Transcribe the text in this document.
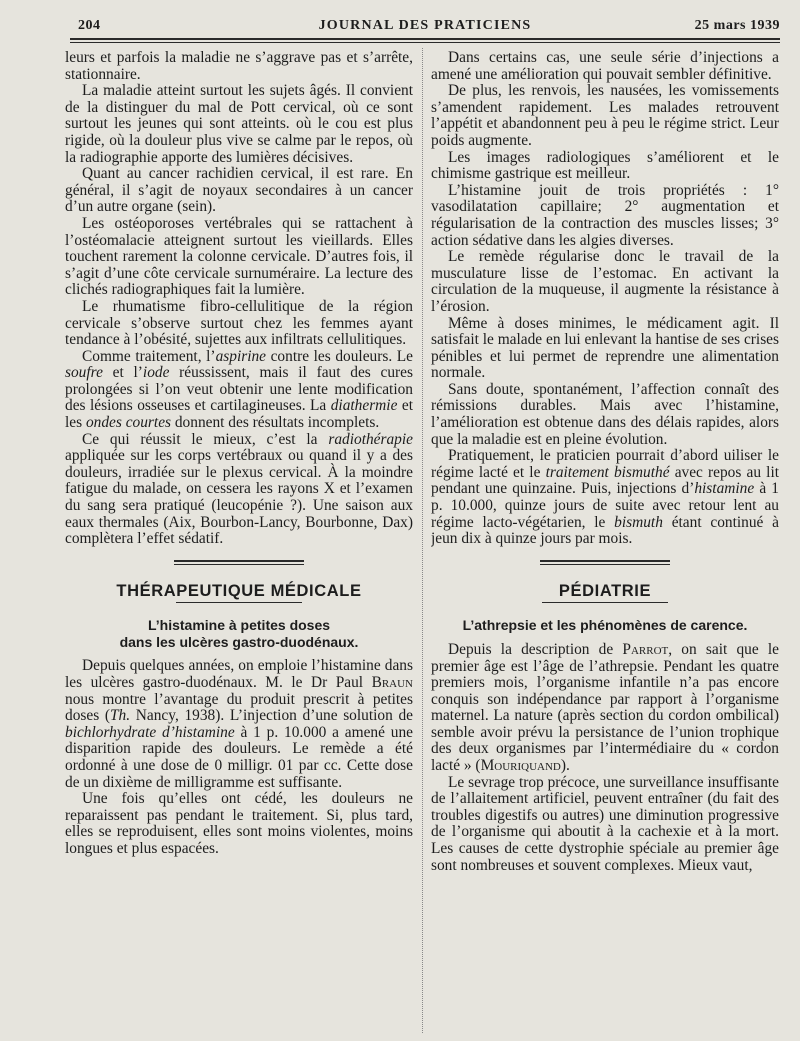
204	JOURNAL DES PRATICIENS	25 mars 1939

leurs et parfois la maladie ne s’aggrave pas et s’arrête, stationnaire.

La maladie atteint surtout les sujets âgés. Il convient de la distinguer du mal de Pott cervical, où ce sont surtout les jeunes qui sont atteints. où le cou est plus rigide, où la douleur plus vive se calme par le repos, où la radiographie apporte des lumières décisives.

Quant au cancer rachidien cervical, il est rare. En général, il s’agit de noyaux secondaires à un cancer d’un autre organe (sein).

Les ostéoporoses vertébrales qui se rattachent à l’ostéomalacie atteignent surtout les vieillards. Elles touchent rarement la colonne cervicale. D’autres fois, il s’agit d’une côte cervicale surnuméraire. La lecture des clichés radiographiques fait la lumière.

Le rhumatisme fibro-cellulitique de la région cervicale s’observe surtout chez les femmes ayant tendance à l’obésité, sujettes aux infiltrats cellulitiques.

Comme traitement, l’aspirine contre les douleurs. Le soufre et l’iode réussissent, mais il faut des cures prolongées si l’on veut obtenir une lente modification des lésions osseuses et cartilagineuses. La diathermie et les ondes courtes donnent des résultats incomplets.

Ce qui réussit le mieux, c’est la radiothérapie appliquée sur les corps vertébraux ou quand il y a des douleurs, irradiée sur le plexus cervical. À la moindre fatigue du malade, on cessera les rayons X et l’examen du sang sera pratiqué (leucopénie ?). Une saison aux eaux thermales (Aix, Bourbon-Lancy, Bourbonne, Dax) complètera l’effet sédatif.

THÉRAPEUTIQUE MÉDICALE
L’histamine à petites doses
dans les ulcères gastro-duodénaux.

Depuis quelques années, on emploie l’histamine dans les ulcères gastro-duodénaux. M. le Dr Paul Braun nous montre l’avantage du produit prescrit à petites doses (Th. Nancy, 1938). L’injection d’une solution de bichlorhydrate d’histamine à 1 p. 10.000 a amené une disparition rapide des douleurs. Le remède a été ordonné à une dose de 0 milligr. 01 par cc. Cette dose de un dixième de milligramme est suffisante.

Une fois qu’elles ont cédé, les douleurs ne reparaissent pas pendant le traitement. Si, plus tard, elles se reproduisent, elles sont moins violentes, moins longues et plus espacées.

Dans certains cas, une seule série d’injections a amené une amélioration qui pouvait sembler définitive.

De plus, les renvois, les nausées, les vomissements s’amendent rapidement. Les malades retrouvent l’appétit et abandonnent peu à peu le régime strict. Leur poids augmente.

Les images radiologiques s’améliorent et le chimisme gastrique est meilleur.

L’histamine jouit de trois propriétés : 1° vasodilatation capillaire; 2° augmentation et régularisation de la contraction des muscles lisses; 3° action sédative dans les algies diverses.

Le remède régularise donc le travail de la musculature lisse de l’estomac. En activant la circulation de la muqueuse, il augmente la résistance à l’érosion.

Même à doses minimes, le médicament agit. Il satisfait le malade en lui enlevant la hantise de ses crises pénibles et lui permet de reprendre une alimentation normale.

Sans doute, spontanément, l’affection connaît des rémissions durables. Mais avec l’histamine, l’amélioration est obtenue dans des délais rapides, alors que la maladie est en pleine évolution.

Pratiquement, le praticien pourrait d’abord uiliser le régime lacté et le traitement bismuthé avec repos au lit pendant une quinzaine. Puis, injections d’histamine à 1 p. 10.000, quinze jours de suite avec retour lent au régime lacto-végétarien, le bismuth étant continué à jeun dix à quinze jours par mois.

PÉDIATRIE
L’athrepsie et les phénomènes de carence.

Depuis la description de Parrot, on sait que le premier âge est l’âge de l’athrepsie. Pendant les quatre premiers mois, l’organisme infantile n’a pas encore conquis son indépendance par rapport à l’organisme maternel. La nature (après section du cordon ombilical) semble avoir prévu la persistance de l’union trophique des deux organismes par l’intermédiaire du « cordon lacté » (Mouriquand).

Le sevrage trop précoce, une surveillance insuffisante de l’allaitement artificiel, peuvent entraîner (du fait des troubles digestifs ou autres) une diminution progressive de l’organisme qui aboutit à la cachexie et à la mort. Les causes de cette dystrophie spéciale au premier âge sont nombreuses et souvent complexes. Mieux vaut,
